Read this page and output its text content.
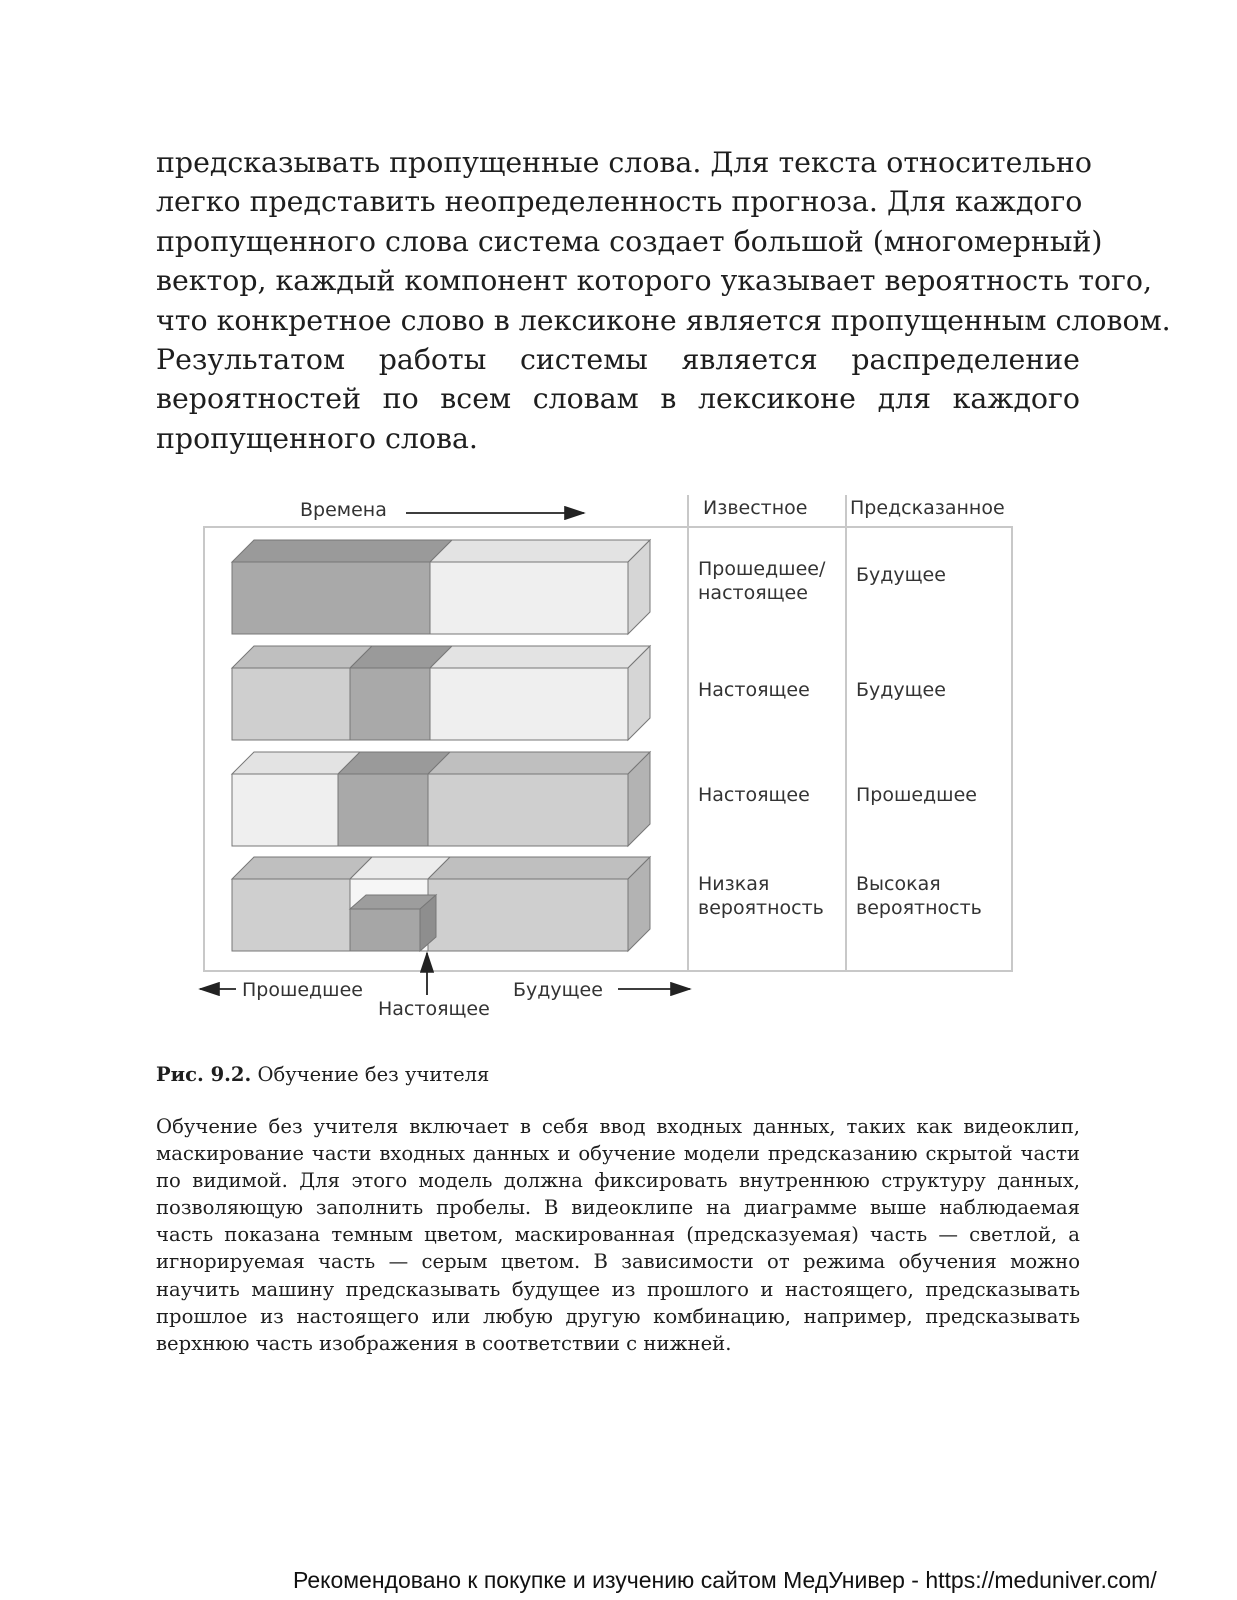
предсказывать пропущенные слова. Для текста относительно
легко представить неопределенность прогноза. Для каждого
пропущенного слова система создает большой (многомерный)
вектор, каждый компонент которого указывает вероятность того,
что конкретное слово в лексиконе является пропущенным словом.
Результатом работы системы является распределение
вероятностей по всем словам в лексиконе для каждого
пропущенного слова.
Времена	Известное Предсказанное
Прошедшее/
настоящее
Будущее
Настоящее Будущее
Настоящее Прошедшее
Низкая
вероятность
Высокая
вероятность
Прошедшее
Настоящее
Будущее
Рис. 9.2. Обучение без учителя
Обучение без учителя включает в себя ввод входных данных, таких как видеоклип,
маскирование части входных данных и обучение модели предсказанию скрытой части
по видимой. Для этого модель должна фиксировать внутреннюю структуру данных,
позволяющую заполнить пробелы. В видеоклипе на диаграмме выше наблюдаемая
часть показана темным цветом, маскированная (предсказуемая) часть — светлой, а
игнорируемая часть — серым цветом. В зависимости от режима обучения можно
научить машину предсказывать будущее из прошлого и настоящего, предсказывать
прошлое из настоящего или любую другую комбинацию, например, предсказывать
верхнюю часть изображения в соответствии с нижней.
Рекомендовано к покупке и изучению сайтом МедУнивер - https://meduniver.com/
